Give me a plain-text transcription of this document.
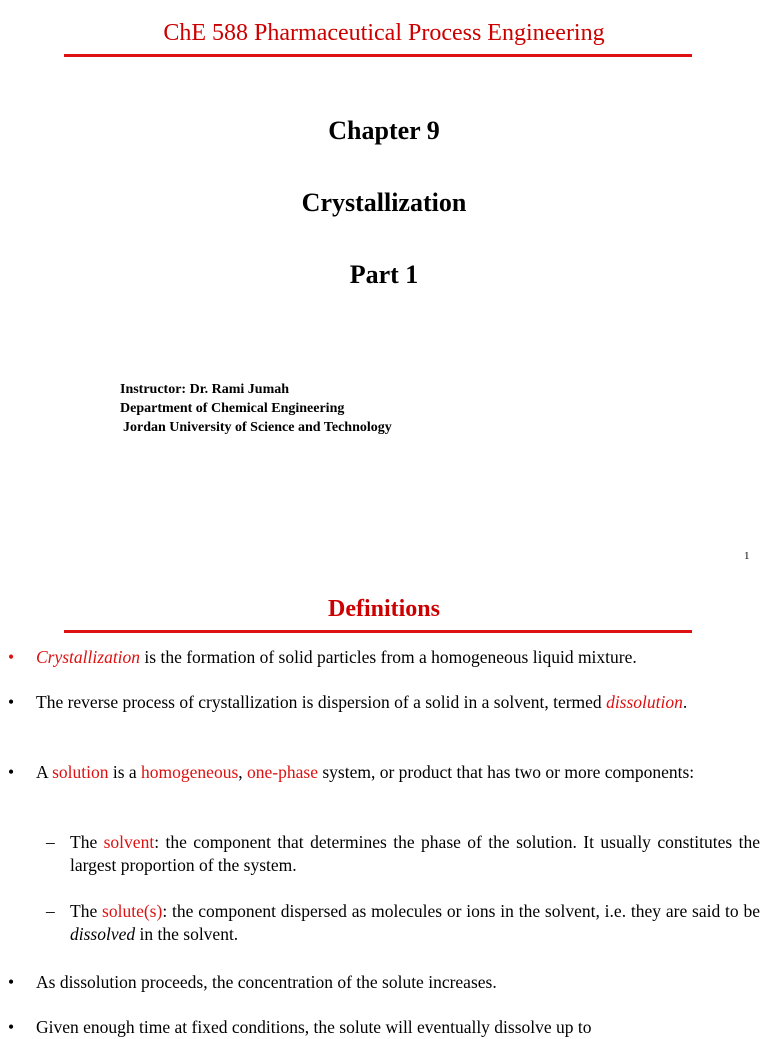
ChE 588 Pharmaceutical Process Engineering
Chapter 9
Crystallization
Part 1
Instructor: Dr. Rami Jumah
Department of Chemical Engineering
Jordan University of Science and Technology
1
Definitions
•	Crystallization is the formation of solid particles from a homogeneous liquid mixture.
•	The reverse process of crystallization is dispersion of a solid in a solvent, termed dissolution.
•	A solution is a homogeneous, one-phase system, or product that has two or more components:
– The solvent: the component that determines the phase of the solution. It usually constitutes the largest proportion of the system.
– The solute(s): the component dispersed as molecules or ions in the solvent, i.e. they are said to be dissolved in the solvent.
•	As dissolution proceeds, the concentration of the solute increases.
•	Given enough time at fixed conditions, the solute will eventually dissolve up to
